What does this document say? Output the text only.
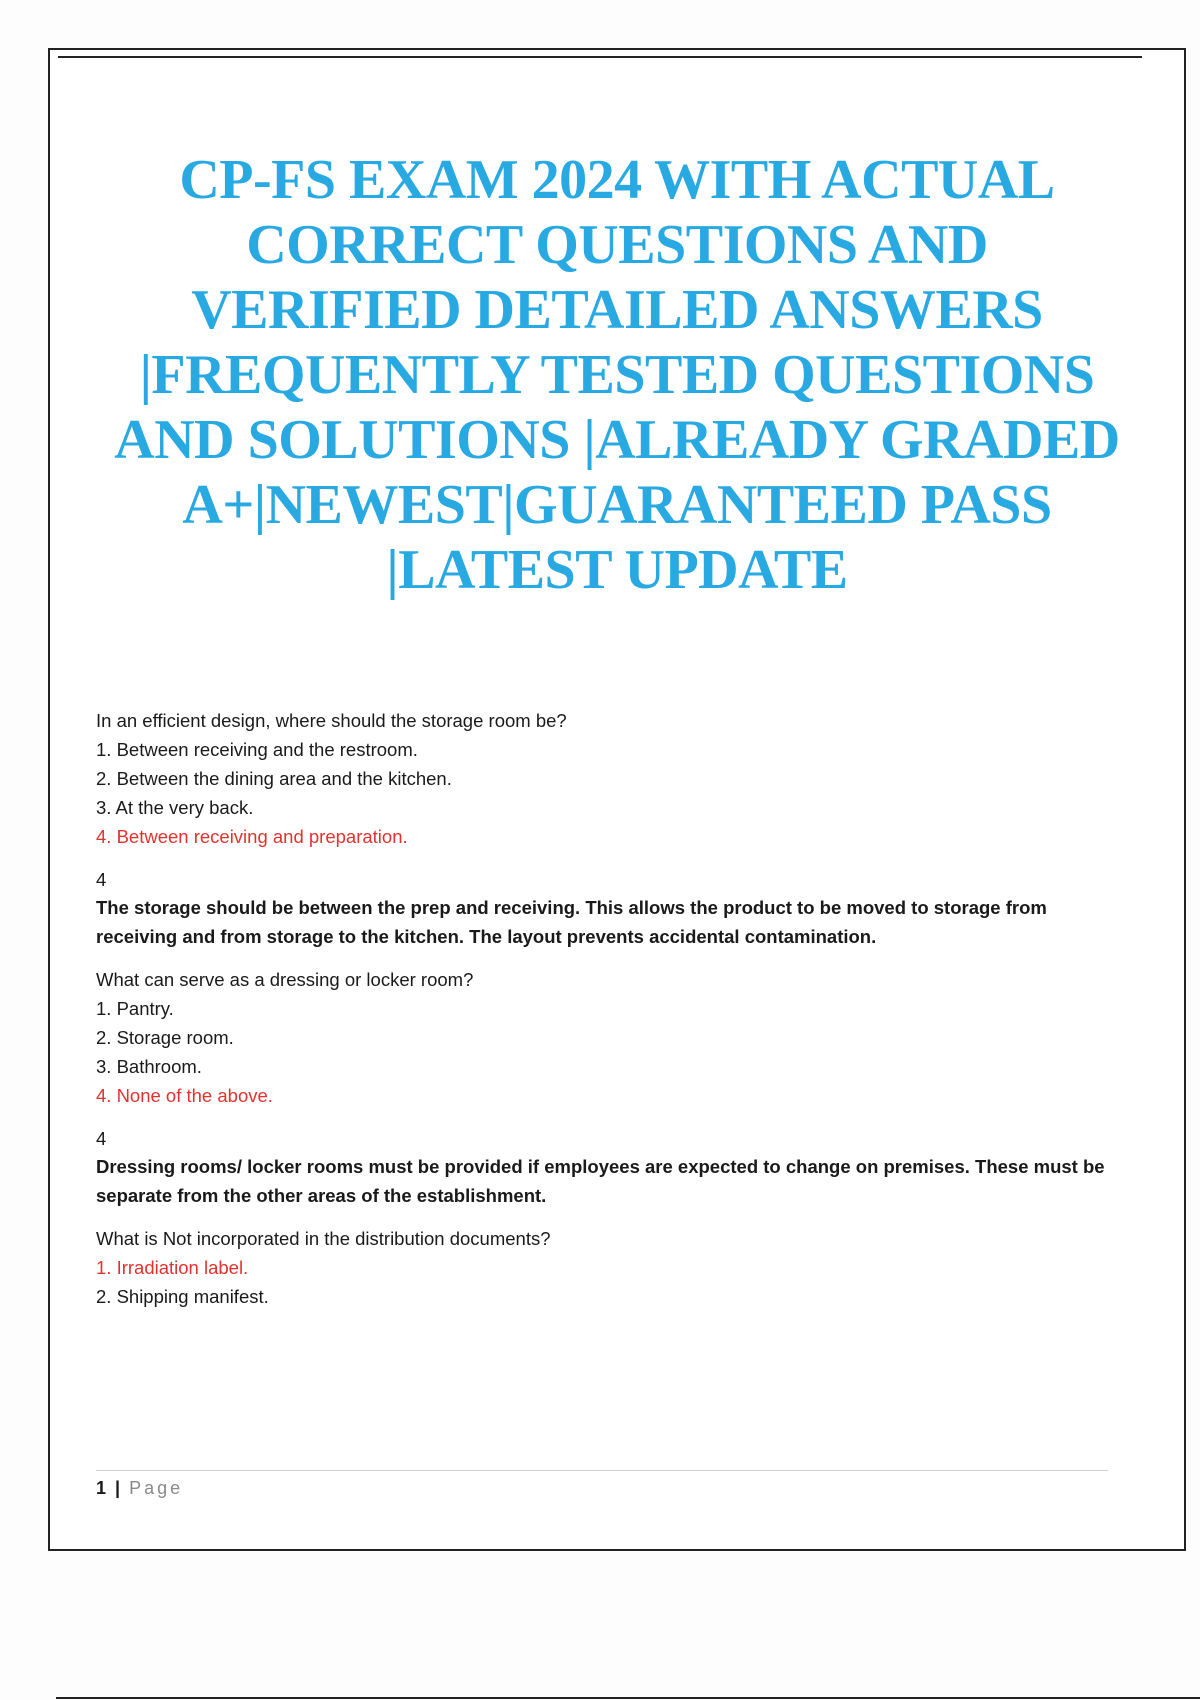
CP-FS EXAM 2024 WITH ACTUAL CORRECT QUESTIONS AND VERIFIED DETAILED ANSWERS |FREQUENTLY TESTED QUESTIONS AND SOLUTIONS |ALREADY GRADED A+|NEWEST|GUARANTEED PASS |LATEST UPDATE
In an efficient design, where should the storage room be?
1. Between receiving and the restroom.
2. Between the dining area and the kitchen.
3. At the very back.
4. Between receiving and preparation.
4
The storage should be between the prep and receiving. This allows the product to be moved to storage from receiving and from storage to the kitchen. The layout prevents accidental contamination.
What can serve as a dressing or locker room?
1. Pantry.
2. Storage room.
3. Bathroom.
4. None of the above.
4
Dressing rooms/ locker rooms must be provided if employees are expected to change on premises. These must be separate from the other areas of the establishment.
What is Not incorporated in the distribution documents?
1. Irradiation label.
2. Shipping manifest.
1 | Page
